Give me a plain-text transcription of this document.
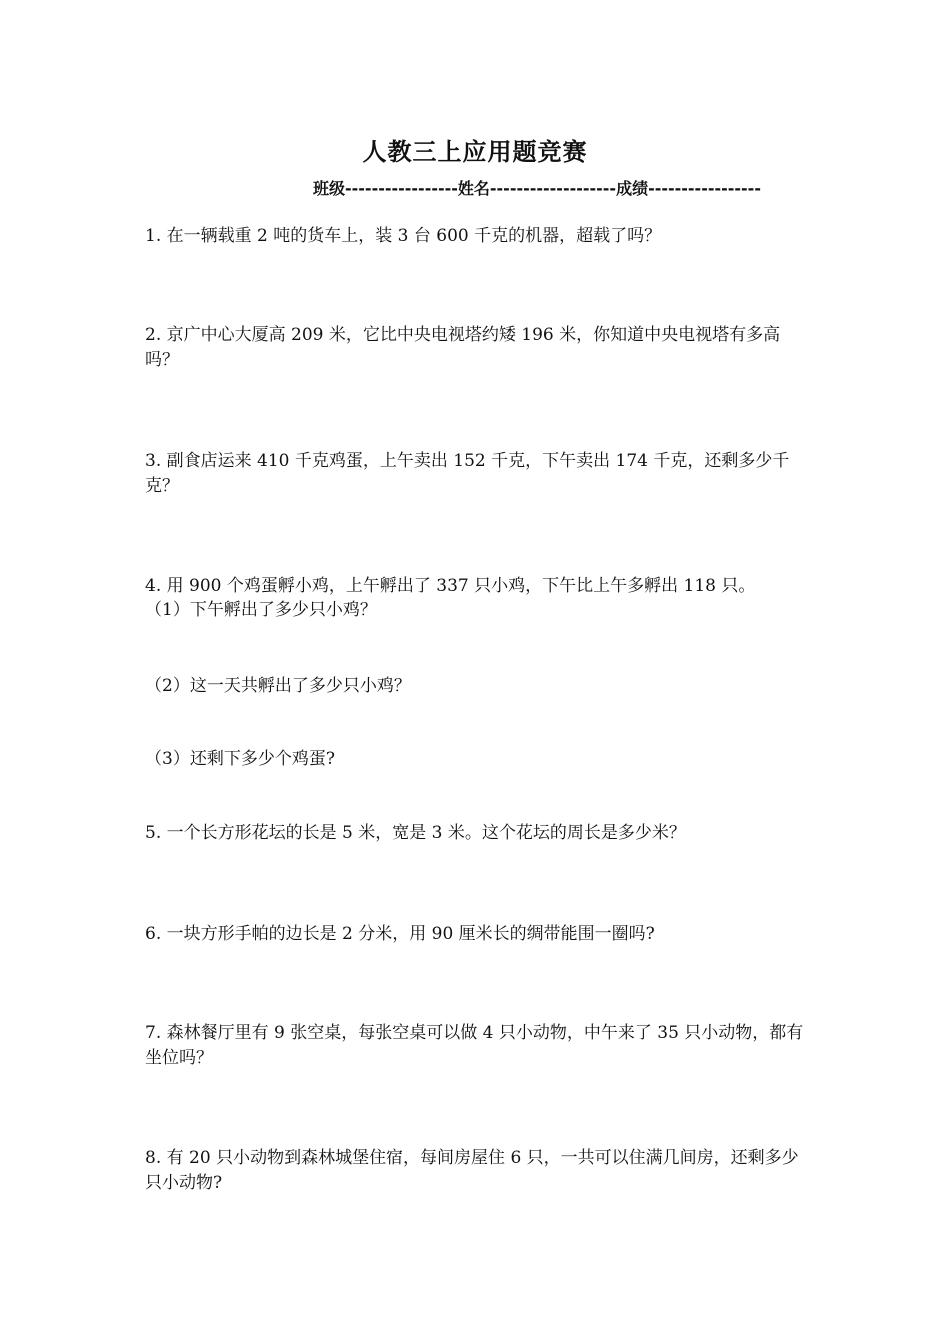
人教三上应用题竞赛
班级-----------------姓名-------------------成绩-----------------
1. 在一辆载重 2 吨的货车上，装 3 台 600 千克的机器，超载了吗？
2. 京广中心大厦高 209 米，它比中央电视塔约矮 196 米，你知道中央电视塔有多高吗？
3. 副食店运来 410 千克鸡蛋，上午卖出 152 千克，下午卖出 174 千克，还剩多少千克？
4. 用 900 个鸡蛋孵小鸡，上午孵出了 337 只小鸡，下午比上午多孵出 118 只。
（1）下午孵出了多少只小鸡？
（2）这一天共孵出了多少只小鸡？
（3）还剩下多少个鸡蛋?
5. 一个长方形花坛的长是 5 米，宽是 3 米。这个花坛的周长是多少米？
6. 一块方形手帕的边长是 2 分米，用 90 厘米长的绸带能围一圈吗?
7. 森林餐厅里有 9 张空桌，每张空桌可以做 4 只小动物，中午来了 35 只小动物，都有坐位吗？
8. 有 20 只小动物到森林城堡住宿，每间房屋住 6 只，一共可以住满几间房，还剩多少只小动物?
